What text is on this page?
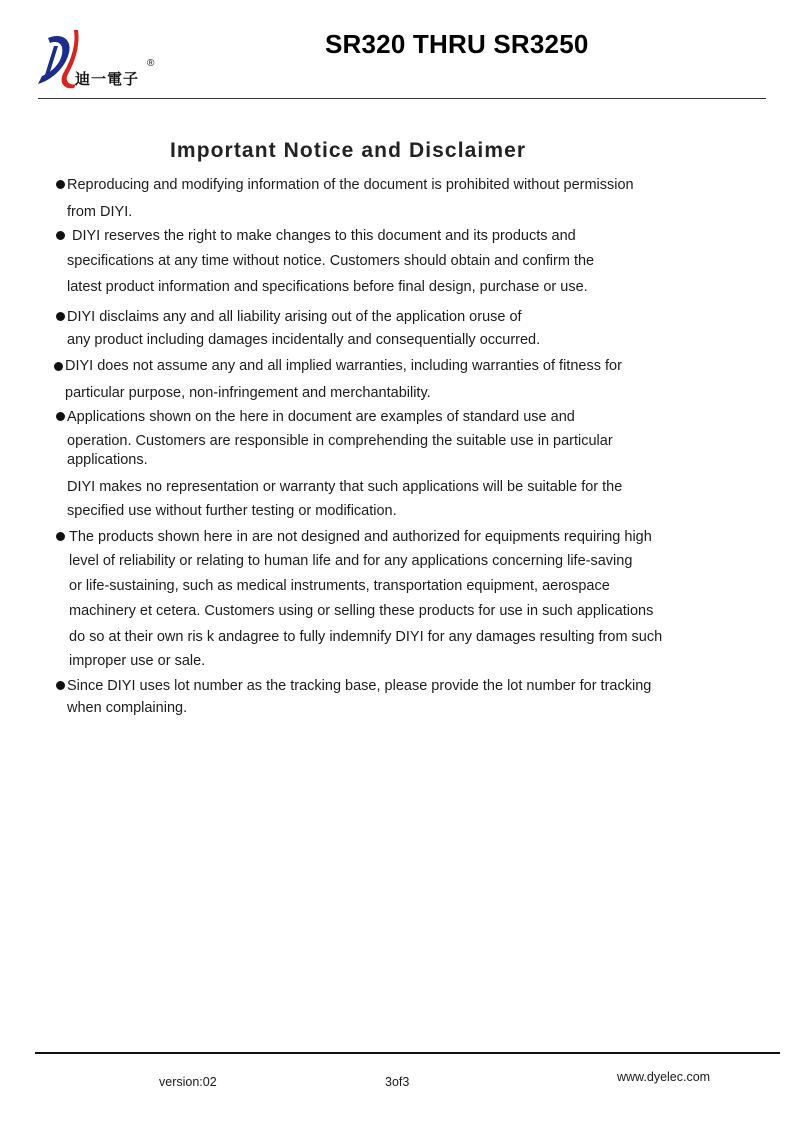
迪一電子
®
SR320 THRU SR3250
Important Notice and Disclaimer
Reproducing and modifying information of the document is prohibited without permission
from DIYI.
DIYI reserves the right to make changes to this document and its products and
specifications at any time without notice. Customers should obtain and confirm the
latest product information and specifications before final design, purchase or use.
DIYI disclaims any and all liability arising out of the application oruse of
any product including damages incidentally and consequentially occurred.
DIYI does not assume any and all implied warranties, including warranties of fitness for
particular purpose, non-infringement and merchantability.
Applications shown on the here in document are examples of standard use and
operation. Customers are responsible in comprehending the suitable use in particular
applications.
DIYI makes no representation or warranty that such applications will be suitable for the
specified use without further testing or modification.
The products shown here in are not designed and authorized for equipments requiring high
level of reliability or relating to human life and for any applications concerning life-saving
or life-sustaining, such as medical instruments, transportation equipment, aerospace
machinery et cetera. Customers using or selling these products for use in such applications
do so at their own ris k andagree to fully indemnify DIYI for any damages resulting from such
improper use or sale.
Since DIYI uses lot number as the tracking base, please provide the lot number for tracking
when complaining.
version:02	3of3	www.dyelec.com
